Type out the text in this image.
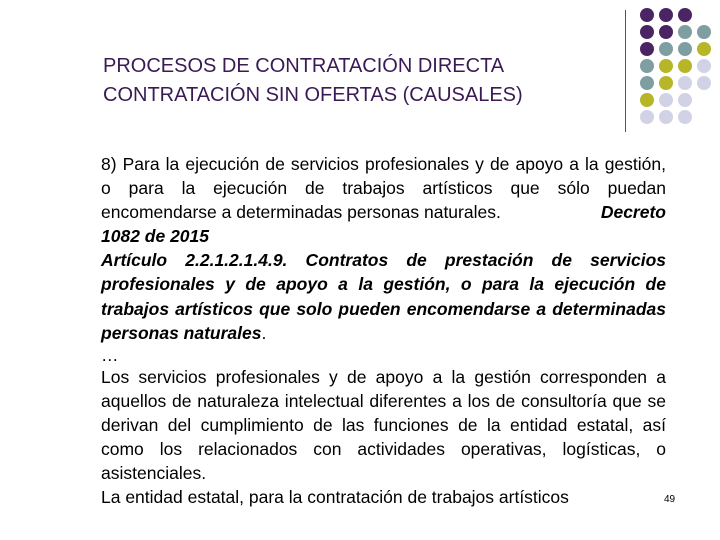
PROCESOS DE CONTRATACIÓN DIRECTA
CONTRATACIÓN SIN OFERTAS (CAUSALES)

8) Para la ejecución de servicios profesionales y de apoyo a la gestión, o para la ejecución de trabajos artísticos que sólo puedan encomendarse a determinadas personas naturales.	Decreto

1082 de 2015

Artículo 2.2.1.2.1.4.9. Contratos de prestación de servicios profesionales y de apoyo a la gestión, o para la ejecución de trabajos artísticos que solo pueden encomendarse a determinadas personas naturales.

…

Los servicios profesionales y de apoyo a la gestión corresponden a aquellos de naturaleza intelectual diferentes a los de consultoría que se derivan del cumplimiento de las funciones de la entidad estatal, así como los relacionados con actividades operativas, logísticas, o asistenciales.

La entidad estatal, para la contratación de trabajos artísticos	49
